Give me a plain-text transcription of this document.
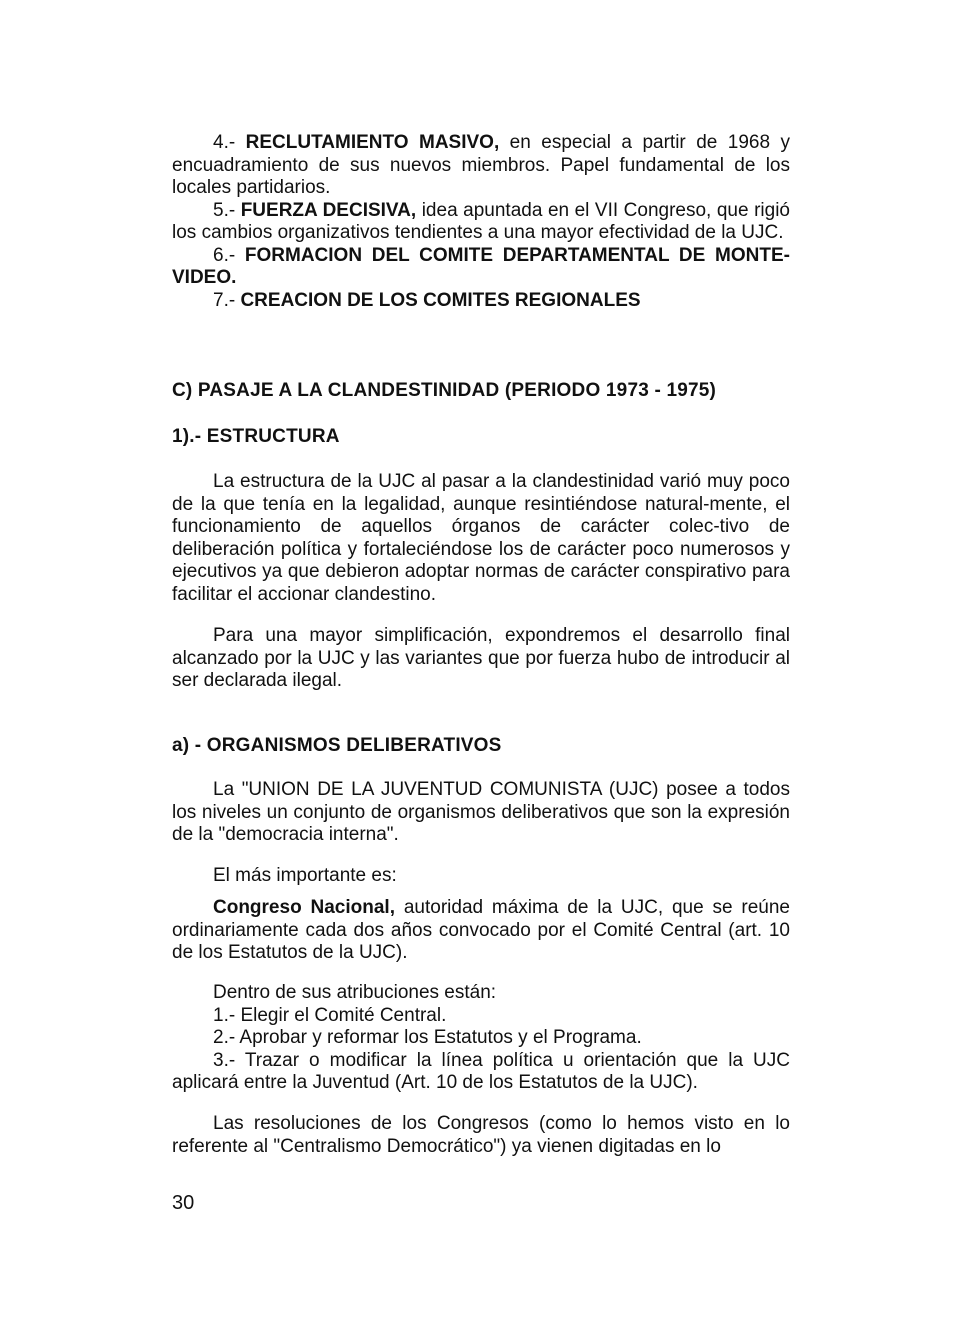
4.- RECLUTAMIENTO MASIVO, en especial a partir de 1968 y encuadramiento de sus nuevos miembros. Papel fundamental de los locales partidarios.

5.- FUERZA DECISIVA, idea apuntada en el VII Congreso, que rigió los cambios organizativos tendientes a una mayor efectividad de la UJC.

6.- FORMACION DEL COMITE DEPARTAMENTAL DE MONTE-VIDEO.

7.- CREACION DE LOS COMITES REGIONALES

C) PASAJE A LA CLANDESTINIDAD (PERIODO 1973 - 1975)
1).- ESTRUCTURA
La estructura de la UJC al pasar a la clandestinidad varió muy poco de la que tenía en la legalidad, aunque resintiéndose natural-mente, el funcionamiento de aquellos órganos de carácter colec-tivo de deliberación política y fortaleciéndose los de carácter poco numerosos y ejecutivos ya que debieron adoptar normas de carácter conspirativo para facilitar el accionar clandestino.
Para una mayor simplificación, expondremos el desarrollo final alcanzado por la UJC y las variantes que por fuerza hubo de introducir al ser declarada ilegal.
a) - ORGANISMOS DELIBERATIVOS
La "UNION DE LA JUVENTUD COMUNISTA (UJC) posee a todos los niveles un conjunto de organismos deliberativos que son la expresión de la "democracia interna".
El más importante es:
Congreso Nacional, autoridad máxima de la UJC, que se reúne ordinariamente cada dos años convocado por el Comité Central (art. 10 de los Estatutos de la UJC).

Dentro de sus atribuciones están:

1.- Elegir el Comité Central.

2.- Aprobar y reformar los Estatutos y el Programa.

3.- Trazar o modificar la línea política u orientación que la UJC aplicará entre la Juventud (Art. 10 de los Estatutos de la UJC).

Las resoluciones de los Congresos (como lo hemos visto en lo referente al "Centralismo Democrático") ya vienen digitadas en lo
30
